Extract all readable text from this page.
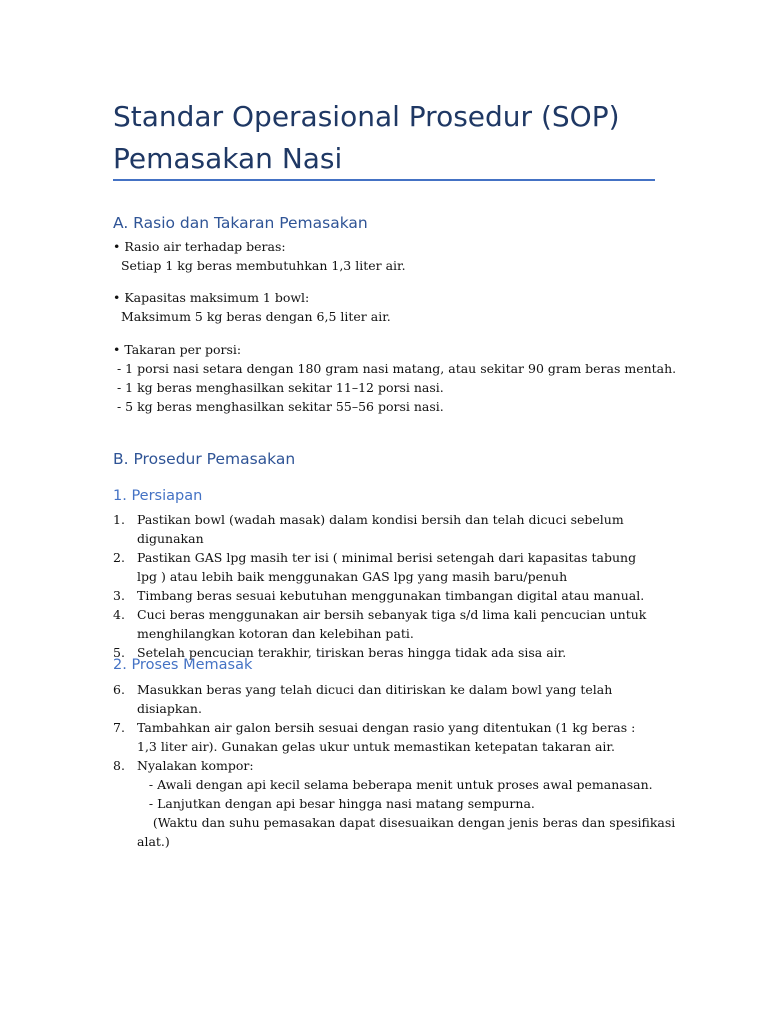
Standar Operasional Prosedur (SOP)
Pemasakan Nasi
A. Rasio dan Takaran Pemasakan
• Rasio air terhadap beras:
Setiap 1 kg beras membutuhkan 1,3 liter air.
• Kapasitas maksimum 1 bowl:
Maksimum 5 kg beras dengan 6,5 liter air.
• Takaran per porsi:
- 1 porsi nasi setara dengan 180 gram nasi matang, atau sekitar 90 gram beras mentah.
- 1 kg beras menghasilkan sekitar 11–12 porsi nasi.
- 5 kg beras menghasilkan sekitar 55–56 porsi nasi.
B. Prosedur Pemasakan
1. Persiapan
1. Pastikan bowl (wadah masak) dalam kondisi bersih dan telah dicuci sebelum digunakan
2. Pastikan GAS lpg masih ter isi ( minimal berisi setengah dari kapasitas tabung lpg ) atau lebih baik menggunakan GAS lpg yang masih baru/penuh
3. Timbang beras sesuai kebutuhan menggunakan timbangan digital atau manual.
4. Cuci beras menggunakan air bersih sebanyak tiga s/d lima kali pencucian untuk menghilangkan kotoran dan kelebihan pati.
5. Setelah pencucian terakhir, tiriskan beras hingga tidak ada sisa air.
2. Proses Memasak
6. Masukkan beras yang telah dicuci dan ditiriskan ke dalam bowl yang telah disiapkan.
7. Tambahkan air galon bersih sesuai dengan rasio yang ditentukan (1 kg beras : 1,3 liter air). Gunakan gelas ukur untuk memastikan ketepatan takaran air.
8. Nyalakan kompor:
- Awali dengan api kecil selama beberapa menit untuk proses awal pemanasan.
- Lanjutkan dengan api besar hingga nasi matang sempurna.
(Waktu dan suhu pemasakan dapat disesuaikan dengan jenis beras dan spesifikasi
alat.)
